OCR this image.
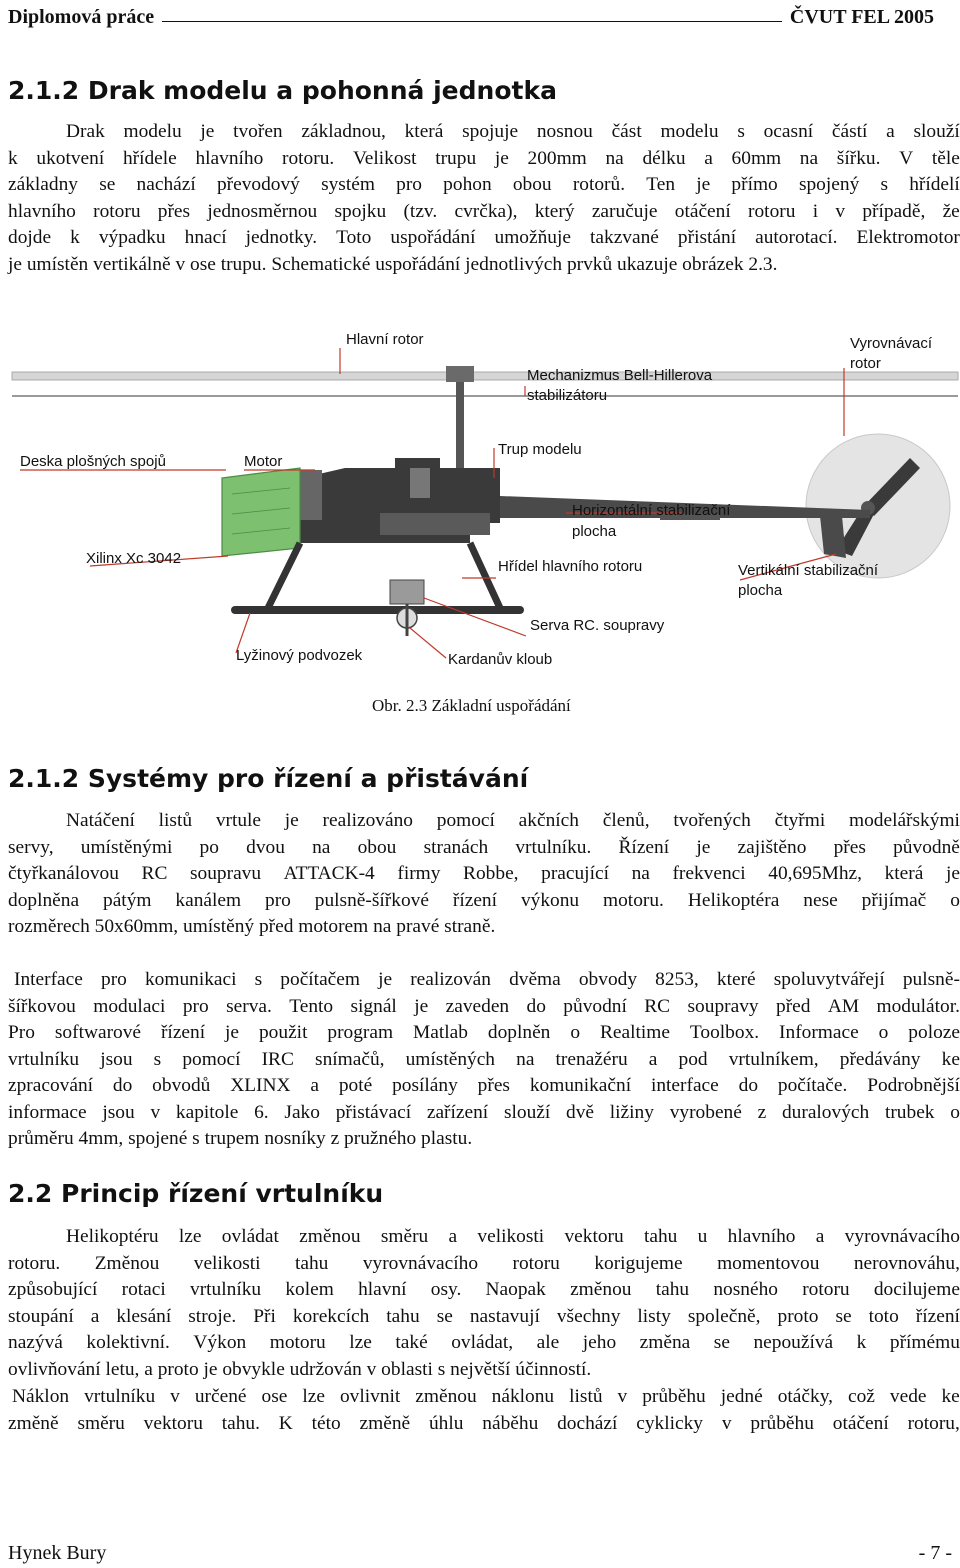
Diplomová práce	ČVUT FEL 2005
2.1.2 Drak modelu a pohonná jednotka
Drak modelu je tvořen základnou, která spojuje nosnou část modelu s ocasní částí a slouží
k ukotvení hřídele hlavního rotoru. Velikost trupu je 200mm na délku a 60mm na šířku. V těle
základny se nachází převodový systém pro pohon obou rotorů. Ten je přímo spojený s hřídelí
hlavního rotoru přes jednosměrnou spojku (tzv. cvrčka), který zaručuje otáčení rotoru i v případě, že
dojde k výpadku hnací jednotky. Toto uspořádání umožňuje takzvané přistání autorotací. Elektromotor
je umístěn vertikálně v ose trupu. Schematické uspořádání jednotlivých prvků ukazuje obrázek 2.3.
Hlavní rotor	Vyrovnávací
rotor
Mechanizmus Bell-Hillerova
stabilizátoru
Deska plošných spojů	Motor
Trup modelu
Horizontální stabilizační
plocha
Xilinx Xc 3042	Hřídel hlavního rotoru	Vertikální stabilizační
plocha
Serva RC. soupravy
Lyžinový podvozek	Kardanův kloub
Obr. 2.3 Základní uspořádání
2.1.2 Systémy pro řízení a přistávání
Natáčení listů vrtule je realizováno pomocí akčních členů, tvořených čtyřmi modelářskými
servy, umístěnými po dvou na obou stranách vrtulníku. Řízení je zajištěno přes původně
čtyřkanálovou RC soupravu ATTACK-4 firmy Robbe, pracující na frekvenci 40,695Mhz, která je
doplněna pátým kanálem pro pulsně-šířkové řízení výkonu motoru. Helikoptéra nese přijímač o
rozměrech 50x60mm, umístěný před motorem na pravé straně.
Interface pro komunikaci s počítačem je realizován dvěma obvody 8253, které spoluvytvářejí pulsně-
šířkovou modulaci pro serva. Tento signál je zaveden do původní RC soupravy před AM modulátor.
Pro softwarové řízení je použit program Matlab doplněn o Realtime Toolbox. Informace o poloze
vrtulníku jsou s pomocí IRC snímačů, umístěných na trenažéru a pod vrtulníkem, předávány ke
zpracování do obvodů XLINX a poté posílány přes komunikační interface do počítače. Podrobnější
informace jsou v kapitole 6. Jako přistávací zařízení slouží dvě ližiny vyrobené z duralových trubek o
průměru 4mm, spojené s trupem nosníky z pružného plastu.
2.2 Princip řízení vrtulníku
Helikoptéru lze ovládat změnou směru a velikosti vektoru tahu u hlavního a vyrovnávacího
rotoru. Změnou velikosti tahu vyrovnávacího rotoru korigujeme momentovou nerovnováhu,
způsobující rotaci vrtulníku kolem hlavní osy. Naopak změnou tahu nosného rotoru docilujeme
stoupání a klesání stroje. Při korekcích tahu se nastavují všechny listy společně, proto se toto řízení
nazývá kolektivní. Výkon motoru lze také ovládat, ale jeho změna se nepoužívá k přímému
ovlivňování letu, a proto je obvykle udržován v oblasti s největší účinností.
Náklon vrtulníku v určené ose lze ovlivnit změnou náklonu listů v průběhu jedné otáčky, což vede ke
změně směru vektoru tahu. K této změně úhlu náběhu dochází cyklicky v průběhu otáčení rotoru,
Hynek Bury	- 7 -
